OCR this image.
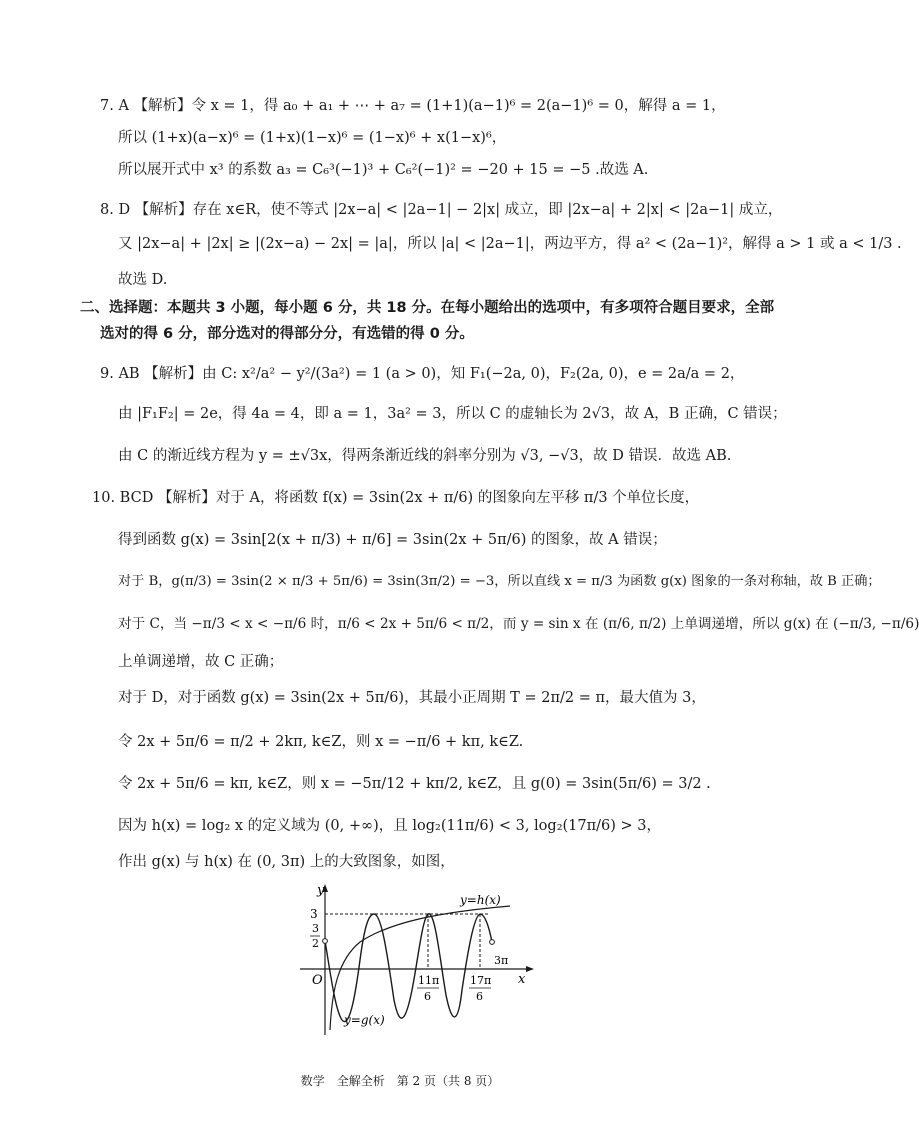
7. A 【解析】令 x = 1，得 a₀ + a₁ + ⋯ + a₇ = (1+1)(a−1)⁶ = 2(a−1)⁶ = 0，解得 a = 1，
所以 (1+x)(a−x)⁶ = (1+x)(1−x)⁶ = (1−x)⁶ + x(1−x)⁶，
所以展开式中 x³ 的系数 a₃ = C₆³(−1)³ + C₆²(−1)² = −20 + 15 = −5 .故选 A.
8. D 【解析】存在 x∈R，使不等式 |2x−a| < |2a−1| − 2|x| 成立，即 |2x−a| + 2|x| < |2a−1| 成立，
又 |2x−a| + |2x| ≥ |(2x−a) − 2x| = |a|，所以 |a| < |2a−1|，两边平方，得 a² < (2a−1)²，解得 a > 1 或 a < 1/3 .
故选 D.
二、选择题：本题共 3 小题，每小题 6 分，共 18 分。在每小题给出的选项中，有多项符合题目要求，全部
选对的得 6 分，部分选对的得部分分，有选错的得 0 分。
9. AB 【解析】由 C: x²/a² − y²/(3a²) = 1 (a > 0)，知 F₁(−2a, 0)，F₂(2a, 0)，e = 2a/a = 2，
由 |F₁F₂| = 2e，得 4a = 4，即 a = 1，3a² = 3，所以 C 的虚轴长为 2√3，故 A，B 正确，C 错误；
由 C 的渐近线方程为 y = ±√3x，得两条渐近线的斜率分别为 √3, −√3，故 D 错误．故选 AB.
10. BCD 【解析】对于 A，将函数 f(x) = 3sin(2x + π/6) 的图象向左平移 π/3 个单位长度，
得到函数 g(x) = 3sin[2(x + π/3) + π/6] = 3sin(2x + 5π/6) 的图象，故 A 错误；
对于 B，g(π/3) = 3sin(2 × π/3 + 5π/6) = 3sin(3π/2) = −3，所以直线 x = π/3 为函数 g(x) 图象的一条对称轴，故 B 正确；
对于 C，当 −π/3 < x < −π/6 时，π/6 < 2x + 5π/6 < π/2，而 y = sin x 在 (π/6, π/2) 上单调递增，所以 g(x) 在 (−π/3, −π/6)
上单调递增，故 C 正确；
对于 D，对于函数 g(x) = 3sin(2x + 5π/6)，其最小正周期 T = 2π/2 = π，最大值为 3，
令 2x + 5π/6 = π/2 + 2kπ, k∈Z，则 x = −π/6 + kπ, k∈Z.
令 2x + 5π/6 = kπ, k∈Z，则 x = −5π/12 + kπ/2, k∈Z，且 g(0) = 3sin(5π/6) = 3/2 .
因为 h(x) = log₂ x 的定义域为 (0, +∞)，且 log₂(11π/6) < 3, log₂(17π/6) > 3，
作出 g(x) 与 h(x) 在 (0, 3π) 上的大致图象，如图，
y
x
O
3
3
2
y=h(x)
y=g(x)
11π
6
17π
6
3π
数学　全解全析　第 2 页（共 8 页）
